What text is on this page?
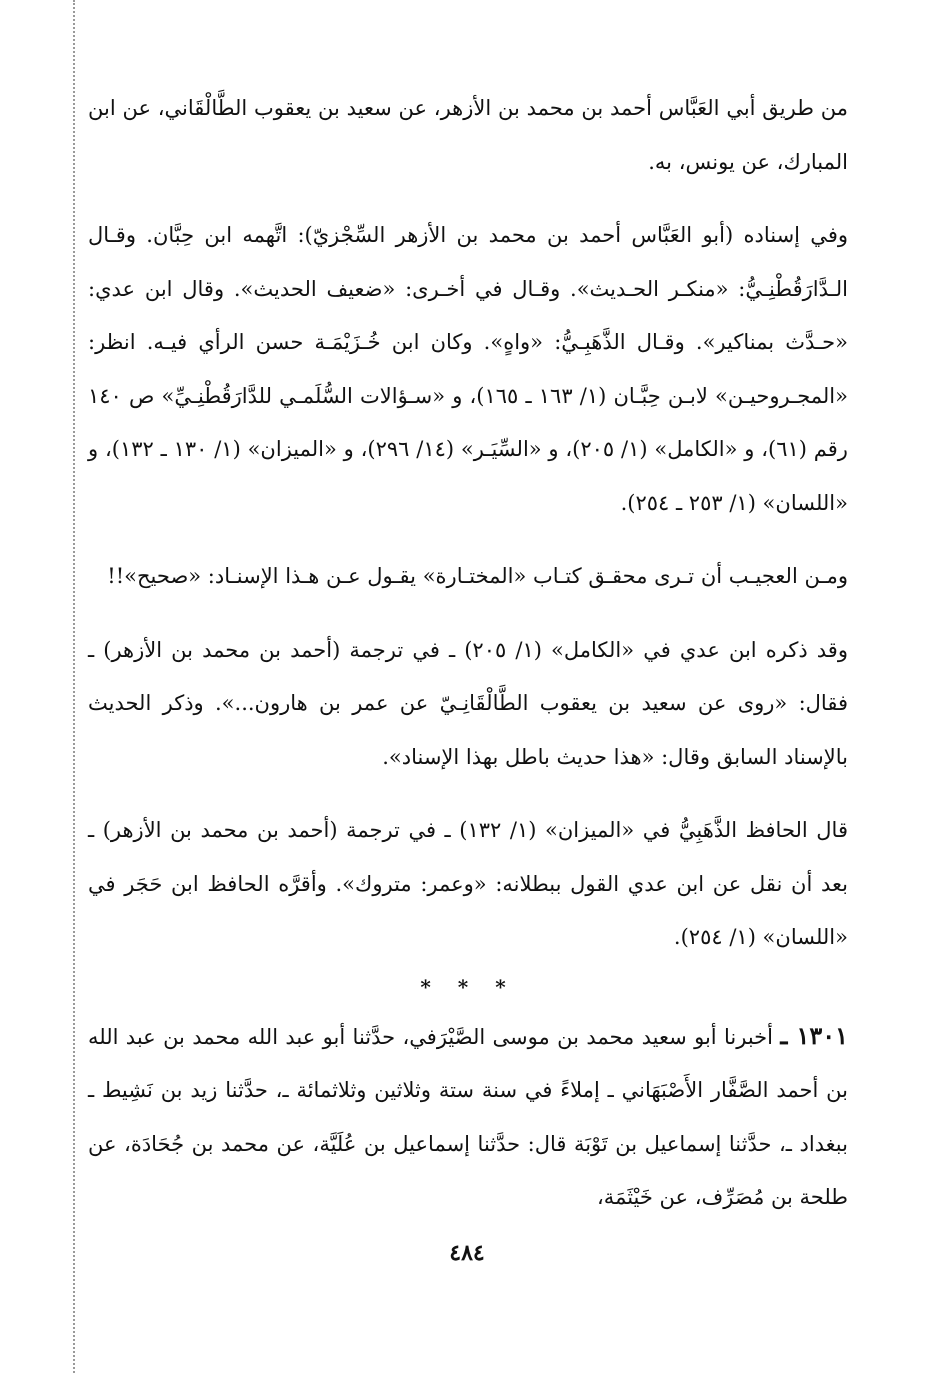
من طريق أبي العَبَّاس أحمد بن محمد بن الأزهر، عن سعيد بن يعقوب الطَّالْقَاني، عن ابن المبارك، عن يونس، به.

وفي إسناده (أبو العَبَّاس أحمد بن محمد بن الأزهر السِّجْزيّ): اتَّهمه ابن حِبَّان. وقـال الـدَّارَقُطْنِـيُّ: «منكـر الحـديث». وقـال في أخـرى: «ضعيف الحديث». وقال ابن عدي: «حـدَّث بمناكير». وقـال الذَّهَبِـيُّ: «واهٍ». وكان ابن خُـزَيْمَـة حسن الرأي فيـه. انظر: «المجـروحيـن» لابـن حِبَّـان (١/ ١٦٣ ـ ١٦٥)، و «سـؤالات السُّلَمـي للدَّارَقُطْنِـيِّ» ص ١٤٠ رقم (٦١)، و «الكامل» (١/ ٢٠٥)، و «السِّيَـر» (١٤/ ٢٩٦)، و «الميزان» (١/ ١٣٠ ـ ١٣٢)، و «اللسان» (١/ ٢٥٣ ـ ٢٥٤).

ومـن العجيـب أن تـرى محقـق كتـاب «المختـارة» يقـول عـن هـذا الإسنـاد: «صحيح»!!

وقد ذكره ابن عدي في «الكامل» (١/ ٢٠٥) ـ في ترجمة (أحمد بن محمد بن الأزهر) ـ فقال: «روى عن سعيد بن يعقوب الطَّالْقَانِـيّ عن عمر بن هارون...». وذكر الحديث بالإسناد السابق وقال: «هذا حديث باطل بهذا الإسناد».

قال الحافظ الذَّهَبِيُّ في «الميزان» (١/ ١٣٢) ـ في ترجمة (أحمد بن محمد بن الأزهر) ـ بعد أن نقل عن ابن عدي القول ببطلانه: «وعمر: متروك». وأقرَّه الحافظ ابن حَجَر في «اللسان» (١/ ٢٥٤).

* * *

١٣٠١ ـ أخبرنا أبو سعيد محمد بن موسى الصَّيْرَفي، حدَّثنا أبو عبد الله محمد بن عبد الله بن أحمد الصَّفَّار الأَصْبَهَاني ـ إملاءً في سنة ستة وثلاثين وثلاثمائة ـ، حدَّثنا زيد بن نَشِيط ـ ببغداد ـ، حدَّثنا إسماعيل بن تَوْبَة قال: حدَّثنا إسماعيل بن عُلَيَّة، عن محمد بن جُحَادَة، عن طلحة بن مُصَرِّف، عن خَيْثَمَة،

٤٨٤
